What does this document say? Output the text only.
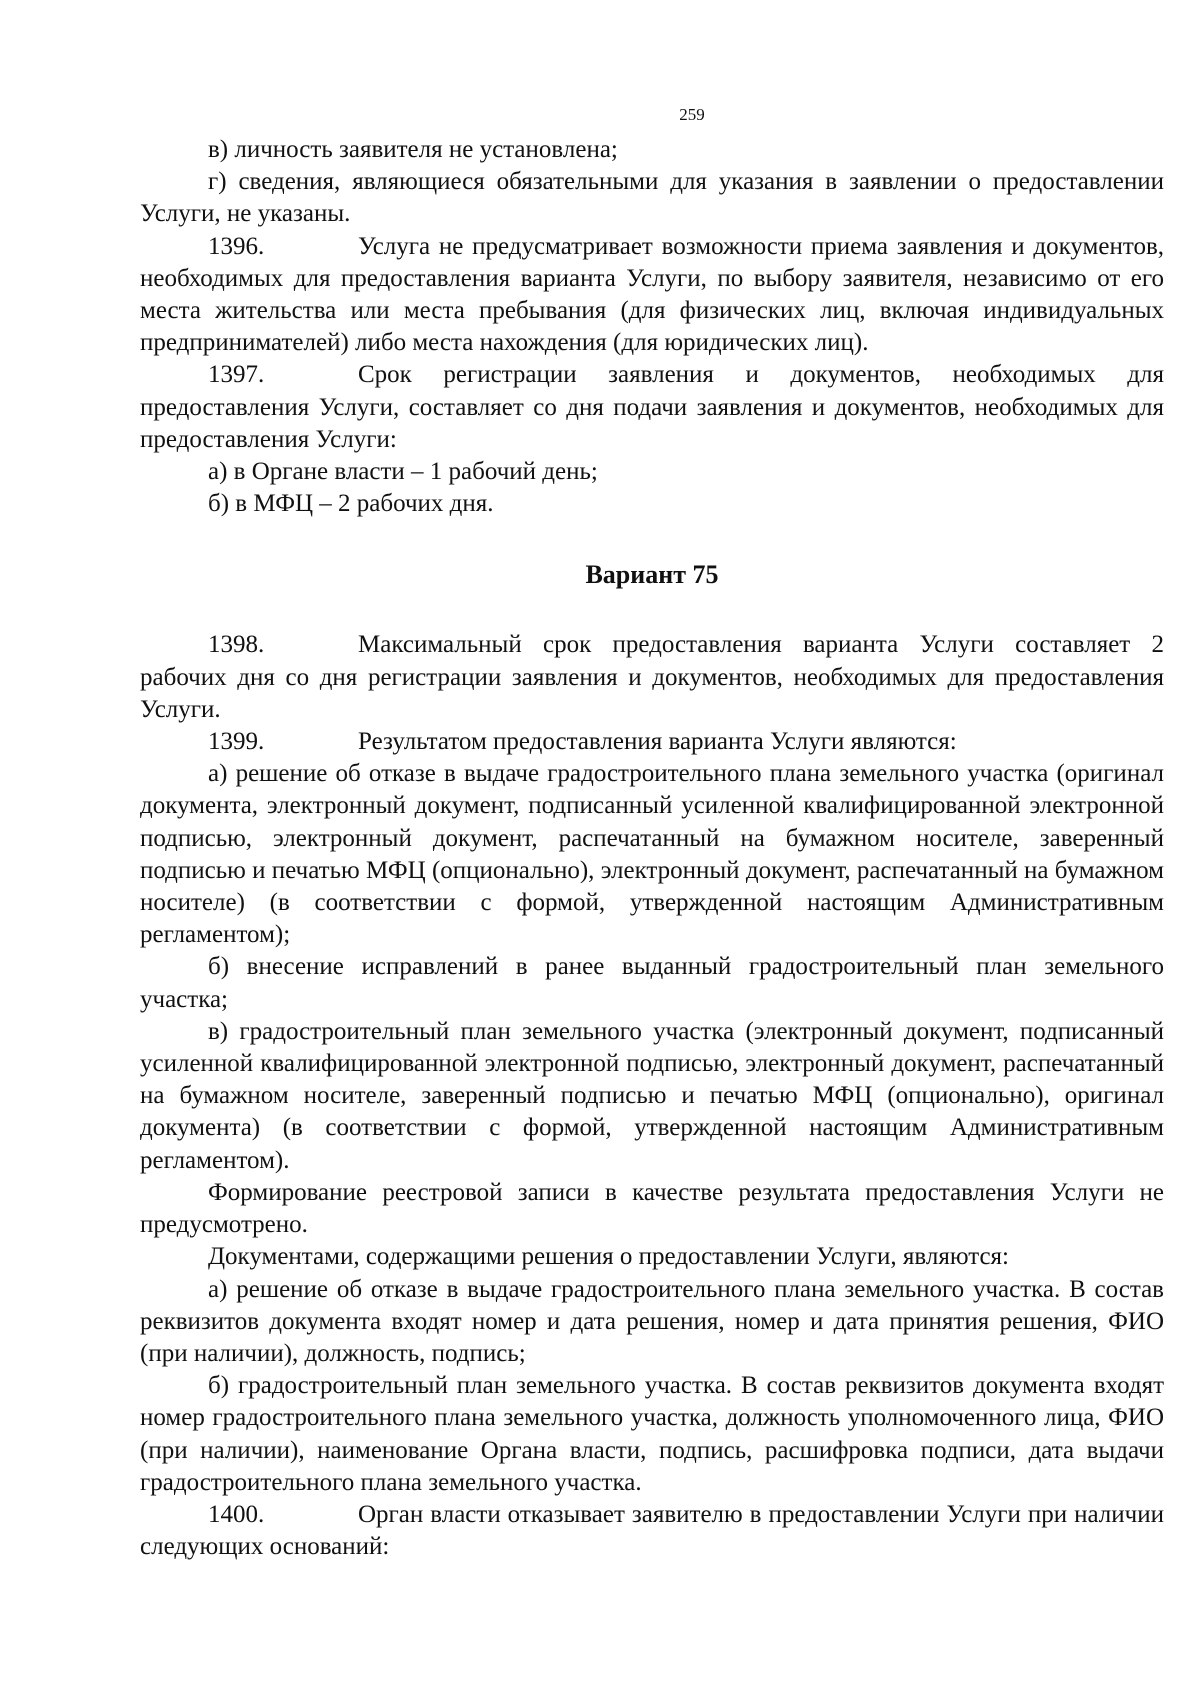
259

в) личность заявителя не установлена;

г) сведения, являющиеся обязательными для указания в заявлении о предоставлении Услуги, не указаны.

1396.	Услуга не предусматривает возможности приема заявления и документов, необходимых для предоставления варианта Услуги, по выбору заявителя, независимо от его места жительства или места пребывания (для физических лиц, включая индивидуальных предпринимателей) либо места нахождения (для юридических лиц).

1397.	Срок регистрации заявления и документов, необходимых для предоставления Услуги, составляет со дня подачи заявления и документов, необходимых для предоставления Услуги:

а) в Органе власти – 1 рабочий день;

б) в МФЦ – 2 рабочих дня.

Вариант 75

1398.	Максимальный срок предоставления варианта Услуги составляет 2 рабочих дня со дня регистрации заявления и документов, необходимых для предоставления Услуги.

1399.	Результатом предоставления варианта Услуги являются:

а) решение об отказе в выдаче градостроительного плана земельного участка (оригинал документа, электронный документ, подписанный усиленной квалифицированной электронной подписью, электронный документ, распечатанный на бумажном носителе, заверенный подписью и печатью МФЦ (опционально), электронный документ, распечатанный на бумажном носителе) (в соответствии с формой, утвержденной настоящим Административным регламентом);

б) внесение исправлений в ранее выданный градостроительный план земельного участка;

в) градостроительный план земельного участка (электронный документ, подписанный усиленной квалифицированной электронной подписью, электронный документ, распечатанный на бумажном носителе, заверенный подписью и печатью МФЦ (опционально), оригинал документа) (в соответствии с формой, утвержденной настоящим Административным регламентом).

Формирование реестровой записи в качестве результата предоставления Услуги не предусмотрено.

Документами, содержащими решения о предоставлении Услуги, являются:

а) решение об отказе в выдаче градостроительного плана земельного участка. В состав реквизитов документа входят номер и дата решения, номер и дата принятия решения, ФИО (при наличии), должность, подпись;

б) градостроительный план земельного участка. В состав реквизитов документа входят номер градостроительного плана земельного участка, должность уполномоченного лица, ФИО (при наличии), наименование Органа власти, подпись, расшифровка подписи, дата выдачи градостроительного плана земельного участка.

1400.	Орган власти отказывает заявителю в предоставлении Услуги при наличии следующих оснований:
